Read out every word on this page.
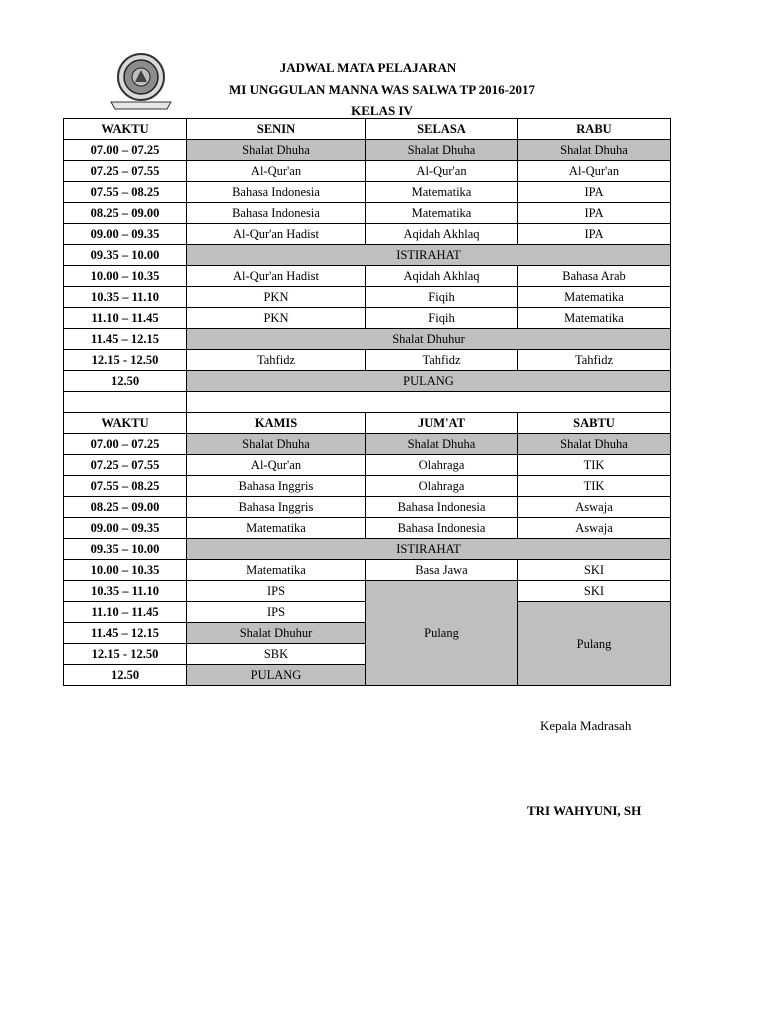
JADWAL MATA PELAJARAN
MI UNGGULAN MANNA WAS SALWA TP 2016-2017
KELAS IV
WAKTU	SENIN	SELASA	RABU
07.00 – 07.25	Shalat Dhuha	Shalat Dhuha	Shalat Dhuha
07.25 – 07.55	Al-Qur'an	Al-Qur'an	Al-Qur'an
07.55 – 08.25	Bahasa Indonesia	Matematika	IPA
08.25 – 09.00	Bahasa Indonesia	Matematika	IPA
09.00 – 09.35	Al-Qur'an Hadist	Aqidah Akhlaq	IPA
09.35 – 10.00	ISTIRAHAT		
10.00 – 10.35	Al-Qur'an Hadist	Aqidah Akhlaq	Bahasa Arab
10.35 – 11.10	PKN	Fiqih	Matematika
11.10 – 11.45	PKN	Fiqih	Matematika
11.45 – 12.15	Shalat Dhuhur		
12.15 - 12.50	Tahfidz	Tahfidz	Tahfidz
12.50	PULANG		

WAKTU	KAMIS	JUM'AT	SABTU
07.00 – 07.25	Shalat Dhuha	Shalat Dhuha	Shalat Dhuha
07.25 – 07.55	Al-Qur'an	Olahraga	TIK
07.55 – 08.25	Bahasa Inggris	Olahraga	TIK
08.25 – 09.00	Bahasa Inggris	Bahasa Indonesia	Aswaja
09.00 – 09.35	Matematika	Bahasa Indonesia	Aswaja
09.35 – 10.00	ISTIRAHAT		
10.00 – 10.35	Matematika	Basa Jawa	SKI
10.35 – 11.10	IPS	Pulang	SKI
11.10 – 11.45	IPS		Pulang
11.45 – 12.15	Shalat Dhuhur		
12.15 - 12.50	SBK		
12.50	PULANG		
Kepala Madrasah
TRI WAHYUNI, SH
